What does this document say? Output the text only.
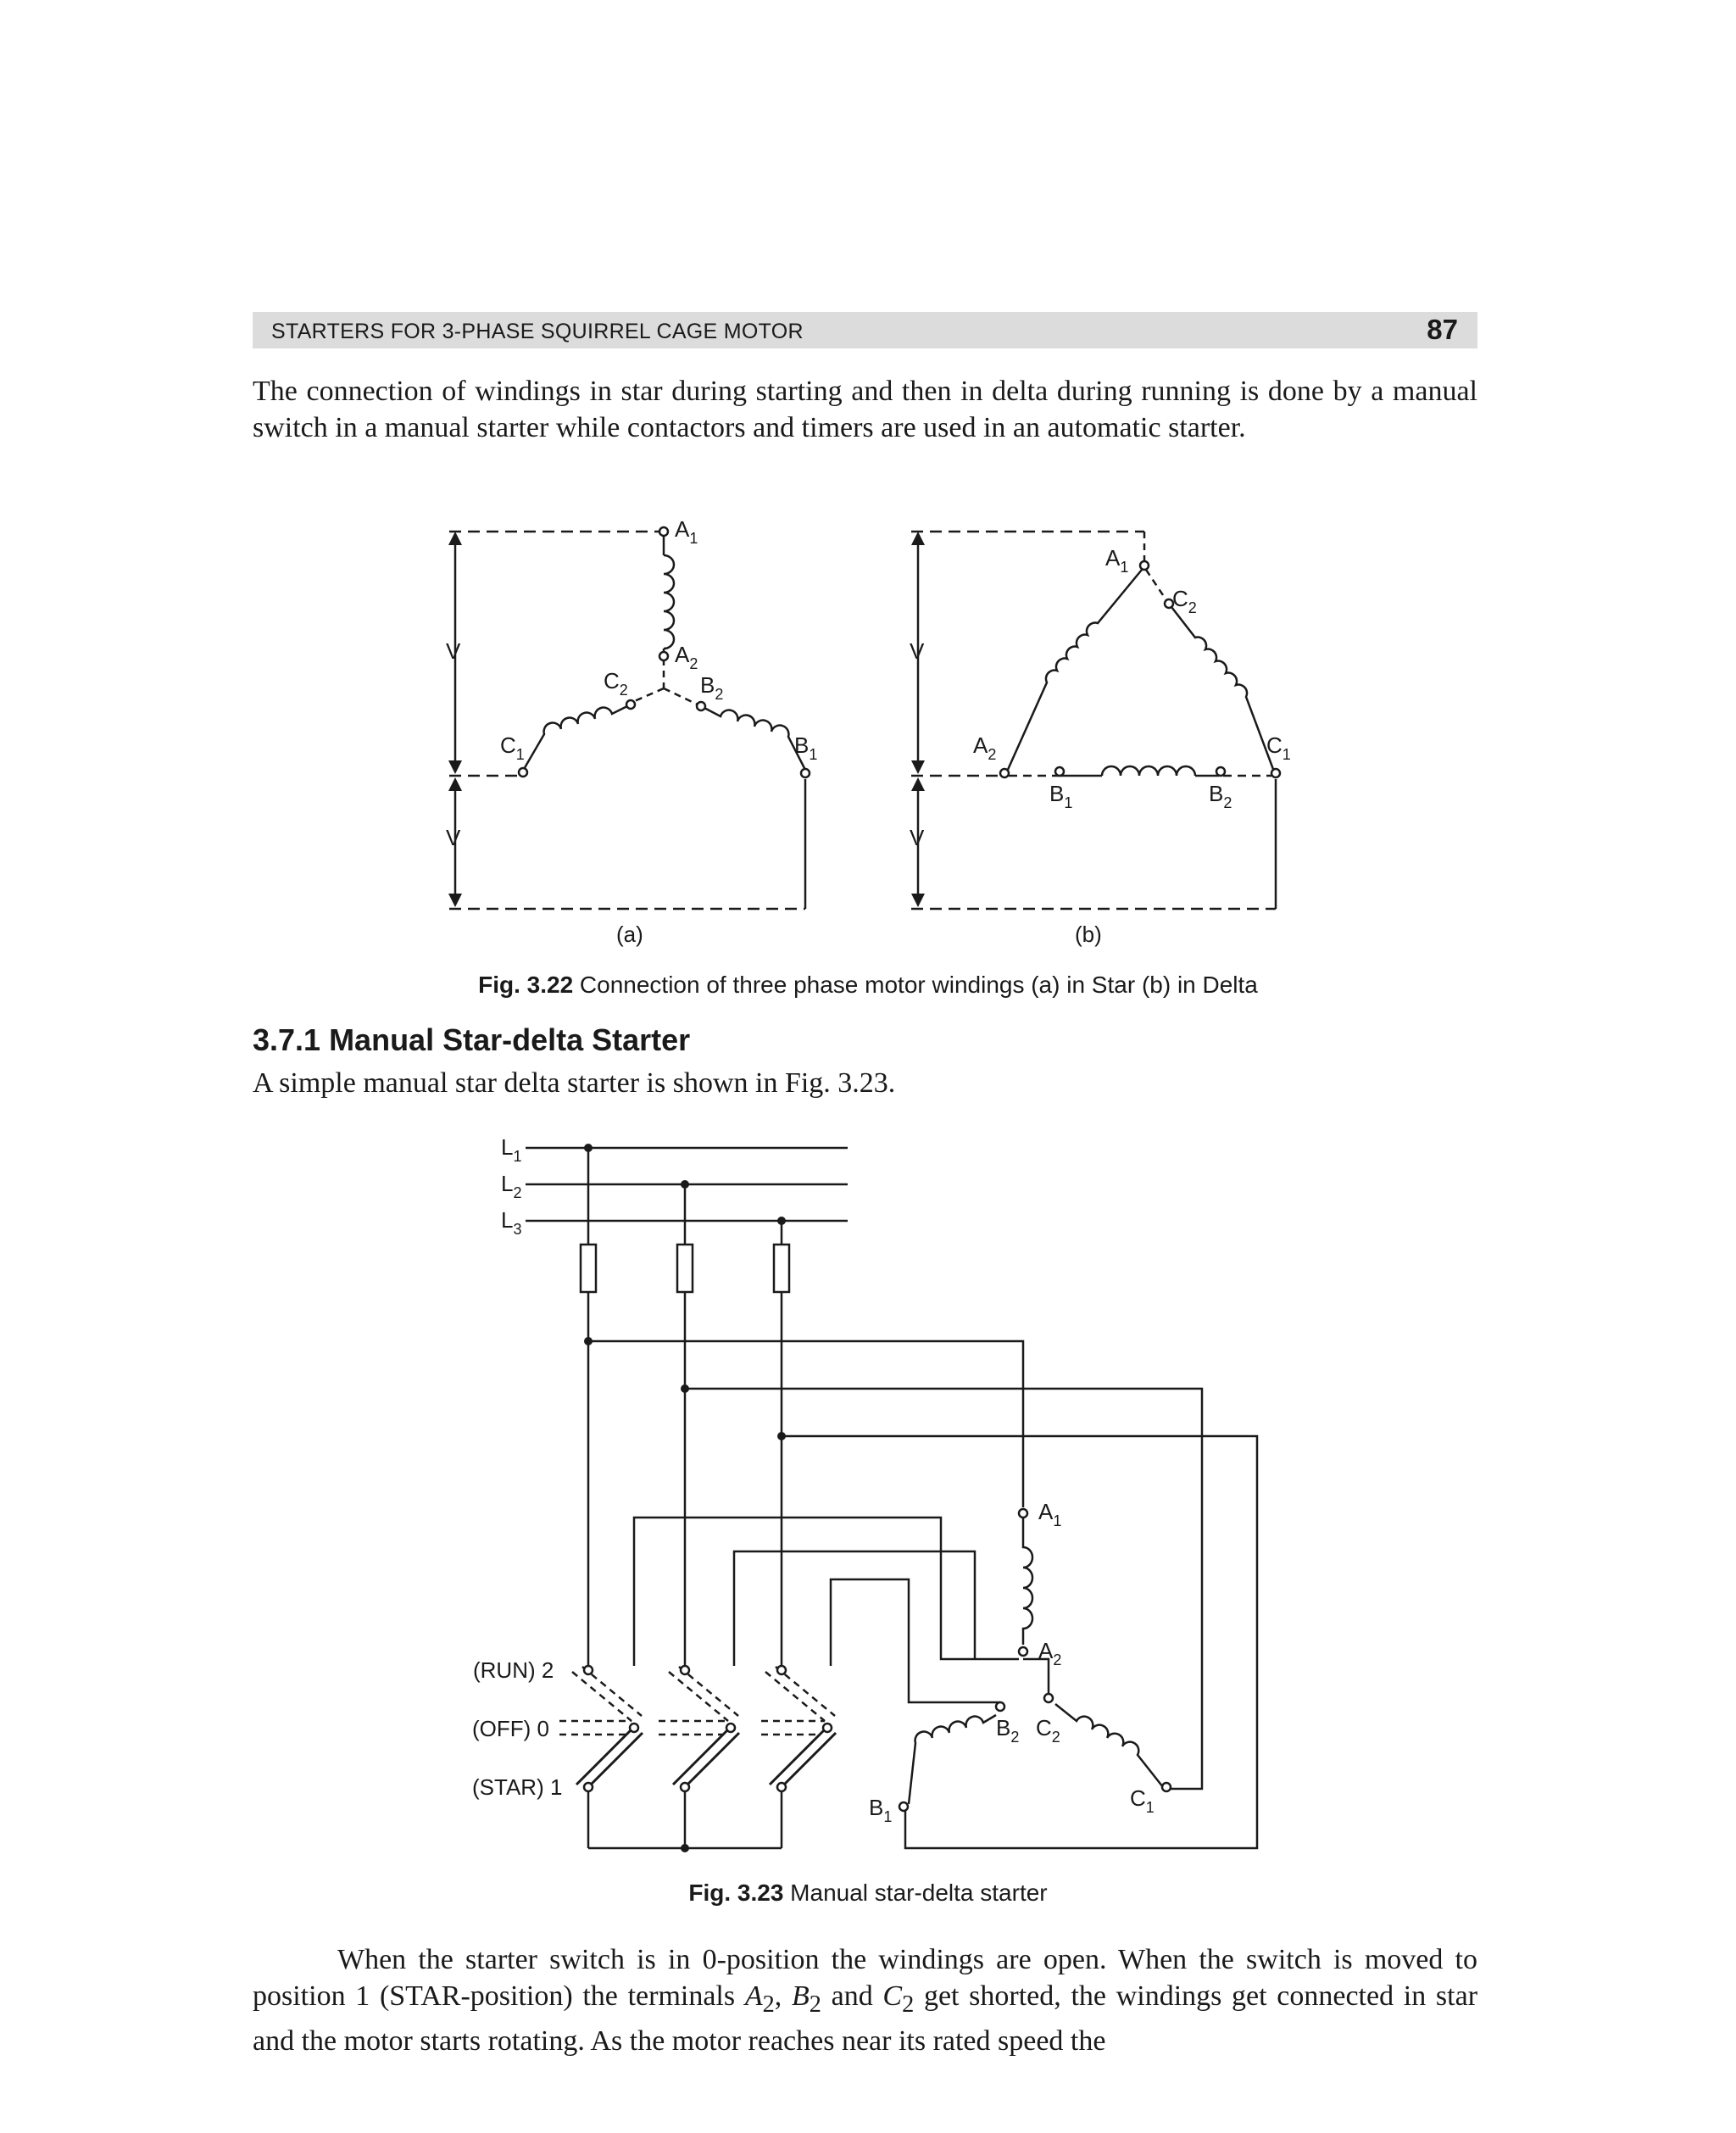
STARTERS FOR 3-PHASE SQUIRREL CAGE MOTOR	87

The connection of windings in star during starting and then in delta during running is done by a manual switch in a manual starter while contactors and timers are used in an automatic starter.

V
V
V
V
$A_1$
$A_2$
$C_2$	$B_2$
$C_1$	$B_1$
$A_1$
$C_2$
$A_2$	$C_1$
$B_1$	$B_2$
(a)	(b)
Fig. 3.22 Connection of three phase motor windings (a) in Star (b) in Delta
3.7.1 Manual Star-delta Starter

A simple manual star delta starter is shown in Fig. 3.23.

$L_1$
$L_2$
$L_3$
(RUN) 2
(OFF) 0
(STAR) 1
$A_1$
$A_2$
$B_2$ $C_2$
$B_1$
$C_1$
Fig. 3.23 Manual star-delta starter

When the starter switch is in 0-position the windings are open. When the switch is moved to position 1 (STAR-position) the terminals $A_2$, $B_2$ and $C_2$ get shorted, the windings get connected in star and the motor starts rotating. As the motor reaches near its rated speed the
